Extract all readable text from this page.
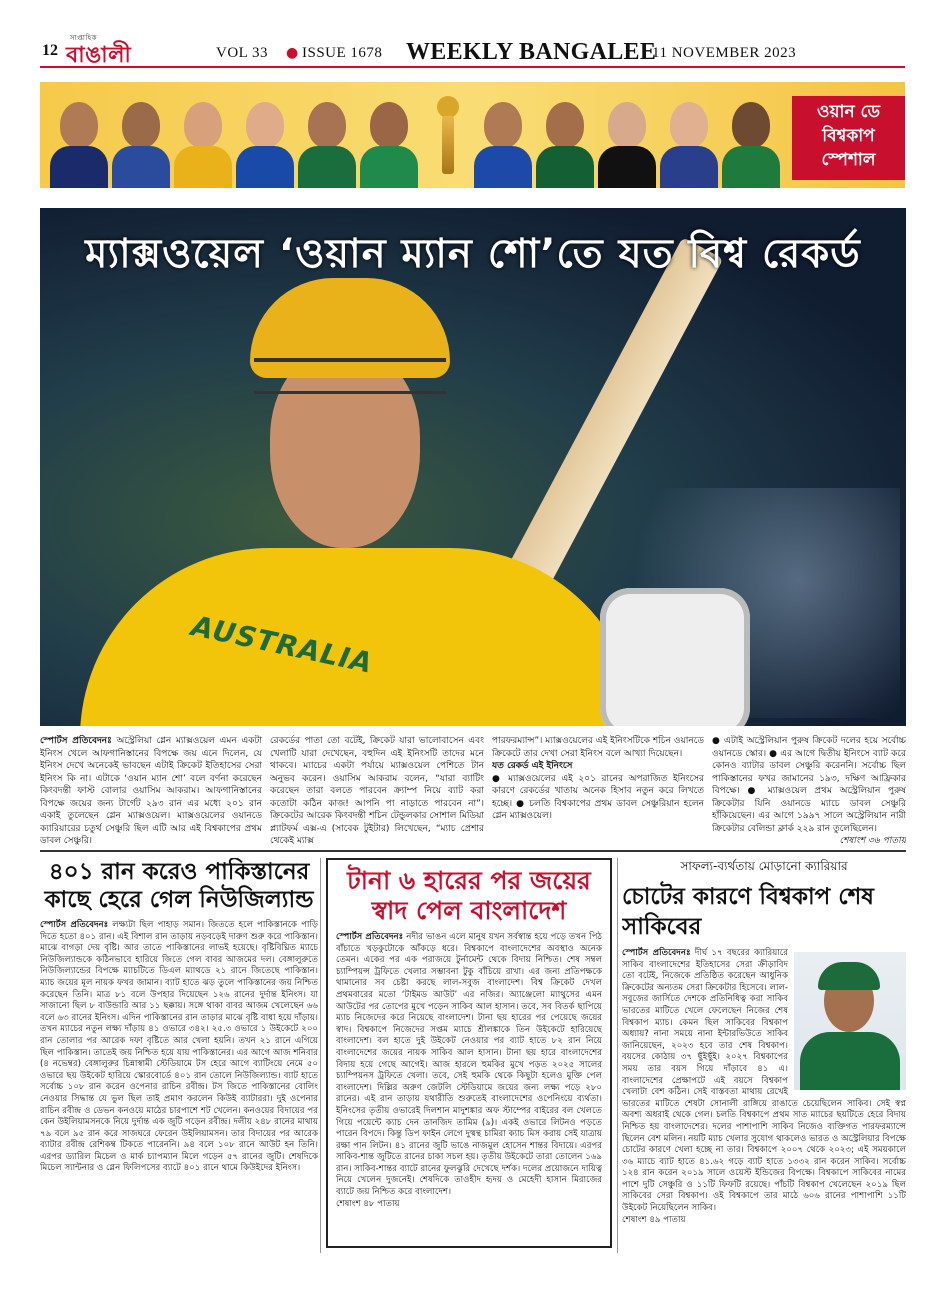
12
সাপ্তাহিক
বাঙালী	VOL 33 ● ISSUE 1678 WEEKLY BANGALEE
11 NOVEMBER 2023
ওয়ান ডে
বিশ্বকাপ
স্পেশাল
AUSTRALIA
ম্যাক্সওয়েল ‘ওয়ান ম্যান শো’তে যত বিশ্ব রেকর্ড
স্পোর্টস প্রতিবেদনঃ অস্ট্রেলিয়া গ্লেন ম্যাক্সওয়েল এমন একটা ইনিংস খেলে আফগানিস্তানের বিপক্ষে জয় এনে দিলেন, যে ইনিংস দেখে অনেকেই ভাবছেন এটাই ক্রিকেট ইতিহাসের সেরা ইনিংস কি না। এটাকে ‘ওয়ান ম্যান শো’ বলে বর্ণনা করেছেন কিংবদন্তী ফাস্ট বোলার ওয়াসিম আকরাম। আফগানিস্তানের বিপক্ষে জয়ের জন্য টার্গেট ২৯৩ রান এর মধ্যে ২০১ রান একাই তুলেছেন গ্লেন ম্যাক্সওয়েল। ম্যাক্সওয়েলের ওয়ানডে ক্যারিয়ারের চতুর্থ সেঞ্চুরি ছিল এটি আর এই বিশ্বকাপের প্রথম ডাবল সেঞ্চুরি।
রেকর্ডের পাতা তো বটেই, ক্রিকেট যারা ভালোবাসেন এবং খেলাটি যারা দেখেছেন, বহুদিন এই ইনিংসটি তাদের মনে থাকবে। ম্যাচের একটা পর্যায়ে ম্যাক্সওয়েল পেশিতে টান অনুভব করেন। ওয়াসিম আকরাম বলেন, “যারা ব্যাটিং করেছেন তারা বলতে পারবেন ক্র্যাম্প নিয়ে ব্যাট করা কতোটা কঠিন কাজ! আপনি পা নাড়াতে পারবেন না”। ক্রিকেটের আরেক কিংবদন্তী শচিন টেন্ডুলকার সোশাল মিডিয়া প্ল্যাটফর্ম এক্স-এ (সাবেক টুইটার) লিখেছেন, “ম্যাচ প্রেশার থেকেই ম্যাক্স
পারফরম্যান্স”। ম্যাক্সওয়েলের এই ইনিংসটিকে শচিন ওয়ানডে ক্রিকেটে তার দেখা সেরা ইনিংস বলে আখ্যা দিয়েছেন।
যত রেকর্ড এই ইনিংসে
● ম্যাক্সওয়েলের এই ২০১ রানের অপরাজিত ইনিংসের কারণে রেকর্ডের খাতায় অনেক হিসাব নতুন করে লিখতে হচ্ছে। ● চলতি বিশ্বকাপের প্রথম ডাবল সেঞ্চুরিয়ান হলেন গ্লেন ম্যাক্সওয়েল।
● এটাই অস্ট্রেলিয়ান পুরুষ ক্রিকেট দলের হয়ে সর্বোচ্চ ওয়ানডে স্কোর। ● এর আগে দ্বিতীয় ইনিংসে ব্যাট করে কোনও ব্যাটার ডাবল সেঞ্চুরি করেননি। সর্বোচ্চ ছিল পাকিস্তানের ফখর জামানের ১৯৩, দক্ষিণ আফ্রিকার বিপক্ষে। ● ম্যাক্সওয়েল প্রথম অস্ট্রেলিয়ান পুরুষ ক্রিকেটার যিনি ওয়ানডে ম্যাচে ডাবল সেঞ্চুরি হাঁকিয়েছেন। এর আগে ১৯৯৭ সালে অস্ট্রেলিয়ান নারী ক্রিকেটার বেলিন্ডা ক্লার্ক ২২৯ রান তুলেছিলেন।
শেষাংশ ৩৬ পাতায়
৪০১ রান করেও পাকিস্তানের কাছে হেরে গেল নিউজিল্যান্ড

স্পোর্টস প্রতিবেদনঃ লক্ষ্যটা ছিল পাহাড় সমান। জিততে হলে পাকিস্তানকে পাড়ি দিতে হতো ৪০১ রান। এই বিশাল রান তাড়ায় নড়বড়েই দারুণ শুরু করে পাকিস্তান। মাঝে বাগড়া দেয় বৃষ্টি। আর তাতে পাকিস্তানের লাভই হয়েছে। বৃষ্টিবিঘ্নিত ম্যাচে নিউজিল্যান্ডকে কঠিনভাবে হারিয়ে জিতে গেল বাবর আজমের দল। বেঙ্গালুরুতে নিউজিল্যান্ডের বিপক্ষে ম্যাচটিতে ডিএল ম্যাথডে ২১ রানে জিতেছে পাকিস্তান। ম্যাচ জয়ের মূল নায়ক ফখর জামান। ব্যাট হাতে ঝড় তুলে পাকিস্তানের জয় নিশ্চিত করেছেন তিনি। মাত্র ৮১ বলে উপহার দিয়েছেন ১২৬ রানের দুর্দান্ত ইনিংস। যা সাজানো ছিল ৮ বাউন্ডারি আর ১১ ছক্কায়। সঙ্গে থাকা বাবর আজম খেলেছেন ৬৬ বলে ৬৩ রানের ইনিংস। এদিন পাকিস্তানের রান তাড়ার মাঝে বৃষ্টি বাধা হয়ে দাঁড়ায়। তখন ম্যাচের নতুন লক্ষ্য দাঁড়ায় ৪১ ওভারে ৩৪২। ২৫.৩ ওভারে ১ উইকেটে ২০০ রান তোলার পর আরেক দফা বৃষ্টিতে আর খেলা হয়নি। তখন ২১ রানে এগিয়ে ছিল পাকিস্তান। তাতেই জয় নিশ্চিত হয়ে যায় পাকিস্তানের। এর আগে আজ শনিবার (৪ নভেম্বর) বেঙ্গালুরুর চিন্নাস্বামী স্টেডিয়ামে টস হেরে আগে ব্যাটিংয়ে নেমে ৫০ ওভারে ছয় উইকেট হারিয়ে স্কোরবোর্ডে ৪০১ রান তোলে নিউজিল্যান্ড। ব্যাট হাতে সর্বোচ্চ ১০৮ রান করেন ওপেনার রাচিন রবীন্দ্র। টস জিতে পাকিস্তানের বোলিং নেওয়ার সিদ্ধান্ত যে ভুল ছিল তাই প্রমাণ করলেন কিউই ব্যাটাররা। দুই ওপেনার রাচিন রবীন্দ্র ও ডেভন কনওয়ে মাঠের চারপাশে শট খেলেন। কনওয়ের বিদায়ের পর কেন উইলিয়ামসনকে নিয়ে দুর্দান্ত এক জুটি গড়েন রবীন্দ্র। দলীয় ২৪৮ রানের মাথায় ৭৯ বলে ৯৫ রান করে সাজঘরে ফেরেন উইলিয়ামসন। তার বিদায়ের পর আরেক ব্যাটার রবীন্দ্র রেশিকম্ব টিকতে পারেননি। ৯৪ বলে ১০৮ রানে আউট হন তিনি। এরপর ড্যারিল মিচেল ও মার্ক চ্যাপম্যান মিলে গড়েন ৫৭ রানের জুটি। শেষদিকে মিচেল স্যান্টনার ও গ্লেন ফিলিপসের ব্যাটে ৪০১ রানে থামে কিউইদের ইনিংস।

টানা ৬ হারের পর জয়ের স্বাদ পেল বাংলাদেশ

স্পোর্টস প্রতিবেদনঃ নদীর ভাঙন এলে মানুষ যখন সর্বস্বান্ত হয়ে পড়ে তখন পিঠ বাঁচাতে খড়কুটোকে আঁকড়ে ধরে। বিশ্বকাপে বাংলাদেশের অবস্থাও অনেক তেমন। একের পর এক পরাজয়ে টুর্নামেন্ট থেকে বিদায় নিশ্চিত। শেষ সম্বল চ্যাম্পিয়ন্স ট্রফিতে খেলার সম্ভাবনা টুকু বাঁচিয়ে রাখা। এর জন্য প্রতিপক্ষকে থামানোর সব চেষ্টা করছে লাল-সবুজ বাংলাদেশ। বিশ্ব ক্রিকেট দেখল প্রথমবারের মতো ‘টাইমড আউট’ এর নজির। অ্যাঞ্জেলো ম্যাথুসের এমন আউটের পর তোপের মুখে পড়েন সাকিব আল হাসান। তবে, সব বিতর্ক ছাপিয়ে ম্যাচ নিজেদের করে নিয়েছে বাংলাদেশ। টানা ছয় হারের পর পেয়েছে জয়ের স্বাদ। বিশ্বকাপে নিজেদের সপ্তম ম্যাচে শ্রীলঙ্কাকে তিন উইকেটে হারিয়েছে বাংলাদেশ। বল হাতে দুই উইকেট নেওয়ার পর ব্যাট হাতে ৮২ রান নিয়ে বাংলাদেশের জয়ের নায়ক সাকিব আল হাসান। টানা ছয় হারে বাংলাদেশের বিদায় হয়ে গেছে আগেই। আজ হারলে হুমকির মুখে পড়ত ২০২৫ সালের চ্যাম্পিয়নস ট্রফিতে খেলা। তবে, সেই হুমকি থেকে কিছুটা হলেও মুক্তি পেল বাংলাদেশ। দিল্লির অরুণ জেটলি স্টেডিয়ামে জয়ের জন্য লক্ষ্য পড়ে ২৮০ রানের। এই রান তাড়ায় যথারীতি শুরুতেই বাংলাদেশের ওপেনিংয়ে ব্যর্থতা। ইনিংসের তৃতীয় ওভারেই দিলশান মাদুশঙ্কার অফ স্টাম্পের বাইরের বল খেলতে গিয়ে পয়েন্টে ক্যাচ দেন তানজিদ তামিম (৯)। একই ওভারে লিটনও পড়তে পারেন বিপদে। কিন্তু ডিপ ফাইন লেগে দুষ্মন্থ চামিরা ক্যাচ মিস করায় সেই যাত্রায় রক্ষা পান লিটন। ৪১ রানের জুটি ভাঙে নাজমুল হোসেন শান্তর বিদায়ে। এরপর সাকিব-শান্ত জুটিতে রানের চাকা সচল হয়। তৃতীয় উইকেটে তারা তোলেন ১৬৯ রান। সাকিব-শান্তর ব্যাটে রানের ফুলঝুরি দেখেছে দর্শক। দলের প্রয়োজনে দায়িত্ব নিয়ে খেলেন দুজনেই। শেষদিকে তাওহীদ হৃদয় ও মেহেদী হাসান মিরাজের ব্যাটে জয় নিশ্চিত করে বাংলাদেশ।

শেষাংশ ৪৮ পাতায়

সাফল্য-ব্যর্থতায় মোড়ানো ক্যারিয়ার
চোটের কারণে বিশ্বকাপ শেষ সাকিবের

স্পোর্টস প্রতিবেদনঃ দীর্ঘ ১৭ বছরের ক্যারিয়ারে সাকিব বাংলাদেশের ইতিহাসের সেরা ক্রীড়াবিদ তো বটেই, নিজেকে প্রতিষ্ঠিত করেছেন আধুনিক ক্রিকেটের অন্যতম সেরা ক্রিকেটার হিসেবে। লাল-সবুজের জার্সিতে দেশকে প্রতিনিধিত্ব করা সাকিব ভারতের মাটিতে খেলে ফেলেছেন নিজের শেষ বিশ্বকাপ ম্যাচ। কেমন ছিল সাকিবের বিশ্বকাপ অধ্যায়? নানা সময়ে নানা ইন্টারভিউতে সাকিব জানিয়েছেন, ২০২৩ হবে তার শেষ বিশ্বকাপ। বয়সের কোঠায় ৩৭ ছুঁইছুঁই। ২০২৭ বিশ্বকাপের সময় তার বয়স গিয়ে দাঁড়াবে ৪১ এ। বাংলাদেশের প্রেক্ষাপটে এই বয়সে বিশ্বকাপ খেলাটা বেশ কঠিন। সেই বাস্তবতা মাথায় রেখেই ভারতের মাটিতে শেষটা সোনালী রাঙ্গিয়ে রাঙাতে চেয়েছিলেন সাকিব। সেই স্বপ্ন অবশ্য অধরাই থেকে গেল। চলতি বিশ্বকাপে প্রথম সাত ম্যাচের ছয়টিতে হেরে বিদায় নিশ্চিত হয় বাংলাদেশের। দলের পাশাপাশি সাকিব নিজেও ব্যক্তিগত পারফরম্যান্সে ছিলেন বেশ মলিন। নয়টি ম্যাচ খেলার সুযোগ থাকলেও ভারত ও অস্ট্রেলিয়ার বিপক্ষে চোটের কারণে খেলা হচ্ছে না তার। বিশ্বকাপে ২০০৭ থেকে ২০২৩; এই সময়কালে ৩৬ ম্যাচে ব্যাট হাতে ৪১.৬২ গড়ে ব্যাট হাতে ১৩৩২ রান করেন সাকিব। সর্বোচ্চ ১২৪ রান করেন ২০১৯ সালে ওয়েস্ট ইন্ডিজের বিপক্ষে। বিশ্বকাপে সাকিবের নামের পাশে দুটি সেঞ্চুরি ও ১১টি ফিফটি রয়েছে। পাঁচটি বিশ্বকাপ খেলেছেন ২০১৯ ছিল সাকিবের সেরা বিশ্বকাপ। ওই বিশ্বকাপে তার মাঠে ৬০৬ রানের পাশাপাশি ১১টি উইকেট নিয়েছিলেন সাকিব।

শেষাংশ ৪৯ পাতায়
